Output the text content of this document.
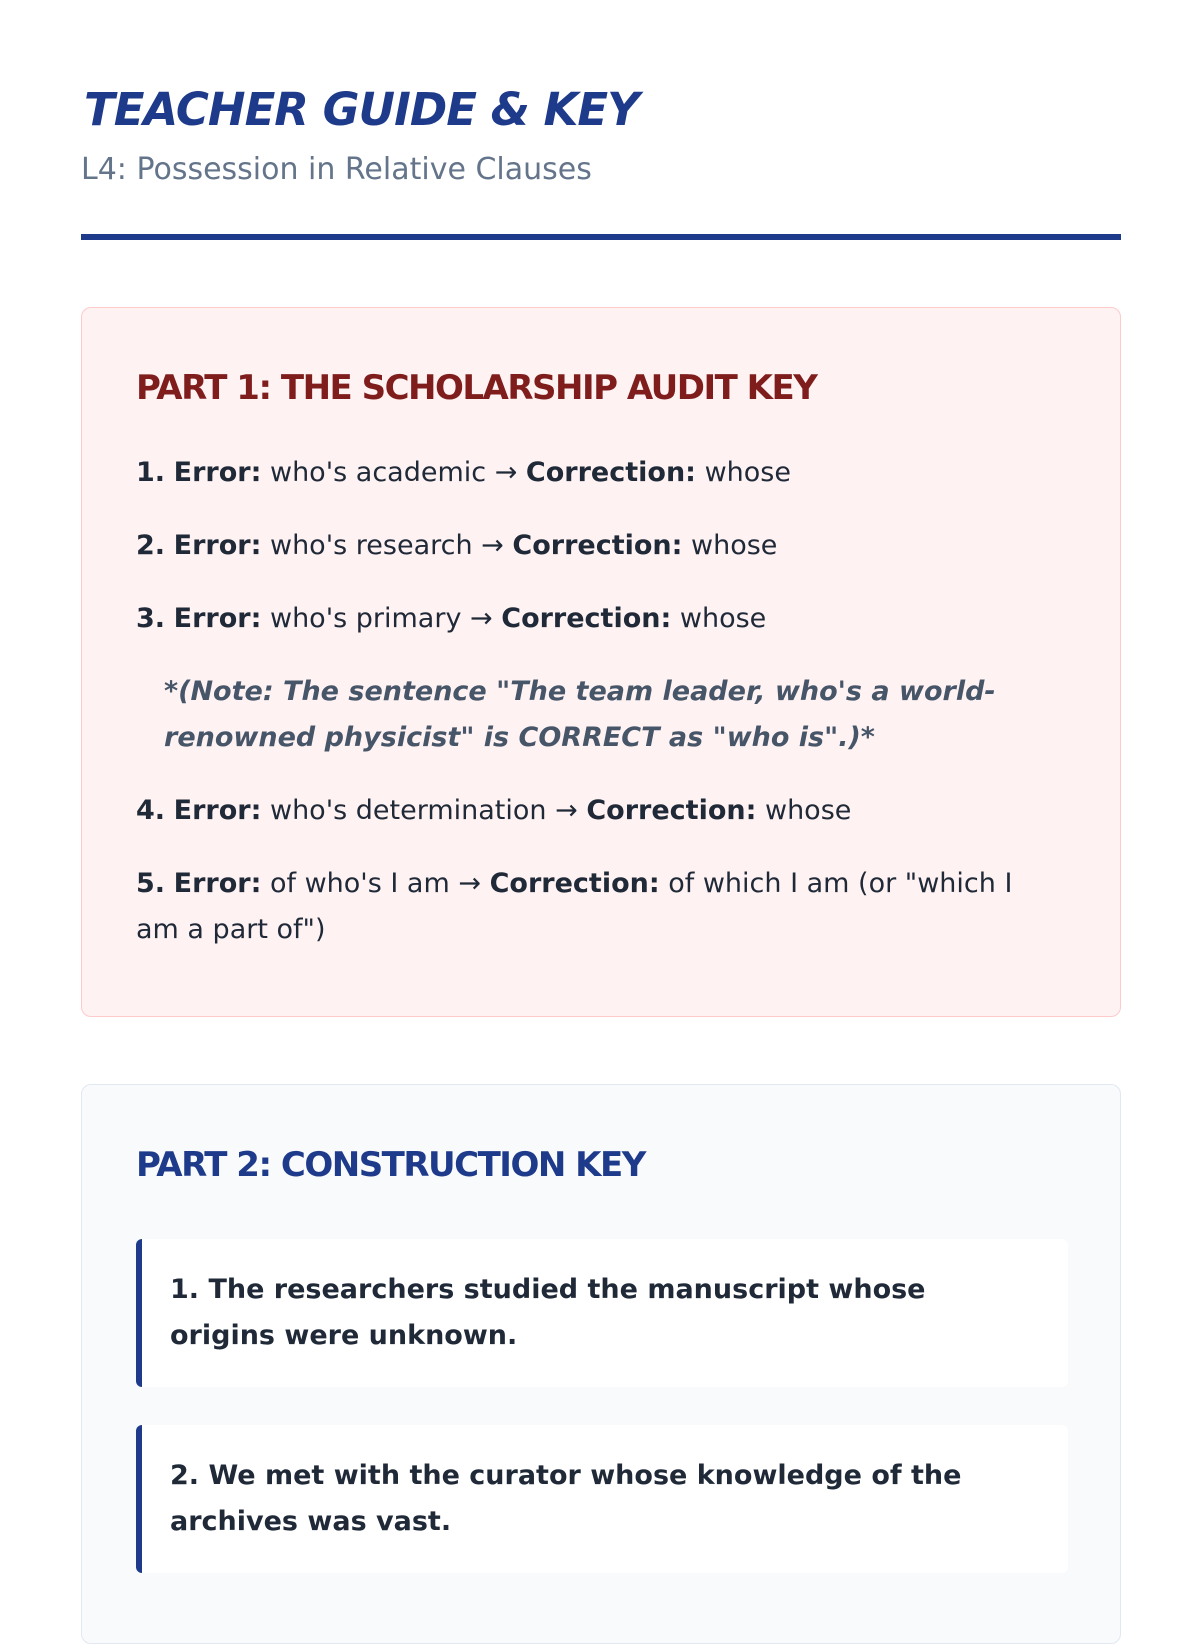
TEACHER GUIDE & KEY
L4: Possession in Relative Clauses
PART 1: THE SCHOLARSHIP AUDIT KEY

1. Error: who's academic → Correction: whose

2. Error: who's research → Correction: whose

3. Error: who's primary → Correction: whose

*(Note: The sentence "The team leader, who's a world-renowned physicist" is CORRECT as "who is".)*

4. Error: who's determination → Correction: whose

5. Error: of who's I am → Correction: of which I am (or "which I am a part of")

PART 2: CONSTRUCTION KEY
1. The researchers studied the manuscript whose origins were unknown.
2. We met with the curator whose knowledge of the archives was vast.
